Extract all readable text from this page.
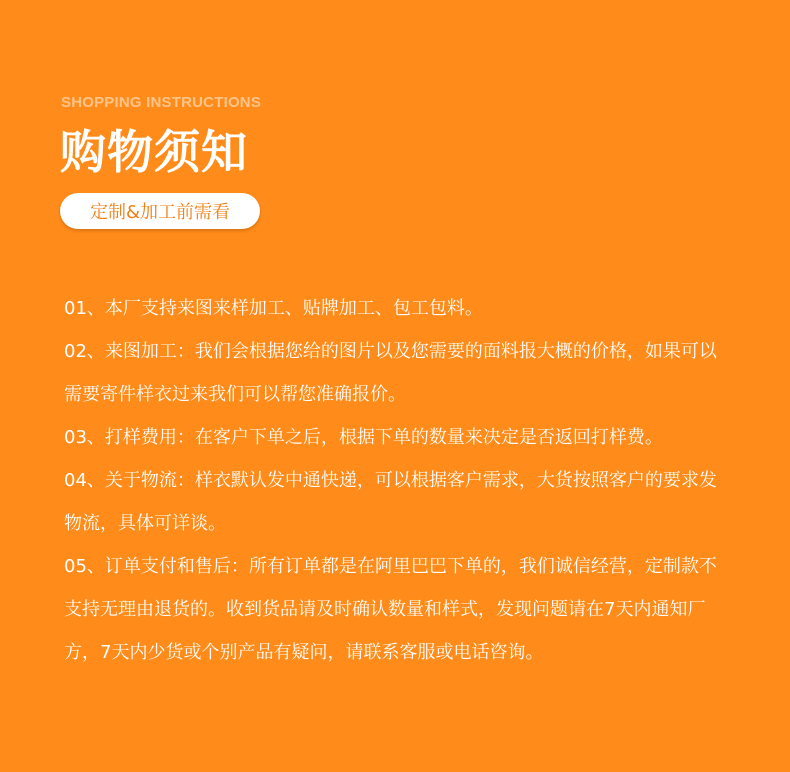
SHOPPING INSTRUCTIONS
购物须知
定制&加工前需看

01、本厂支持来图来样加工、贴牌加工、包工包料。

02、来图加工：我们会根据您给的图片以及您需要的面料报大概的价格，如果可以需要寄件样衣过来我们可以帮您准确报价。

03、打样费用：在客户下单之后，根据下单的数量来决定是否返回打样费。

04、关于物流：样衣默认发中通快递，可以根据客户需求，大货按照客户的要求发物流，具体可详谈。

05、订单支付和售后：所有订单都是在阿里巴巴下单的，我们诚信经营，定制款不支持无理由退货的。收到货品请及时确认数量和样式，发现问题请在7天内通知厂方，7天内少货或个别产品有疑问，请联系客服或电话咨询。
